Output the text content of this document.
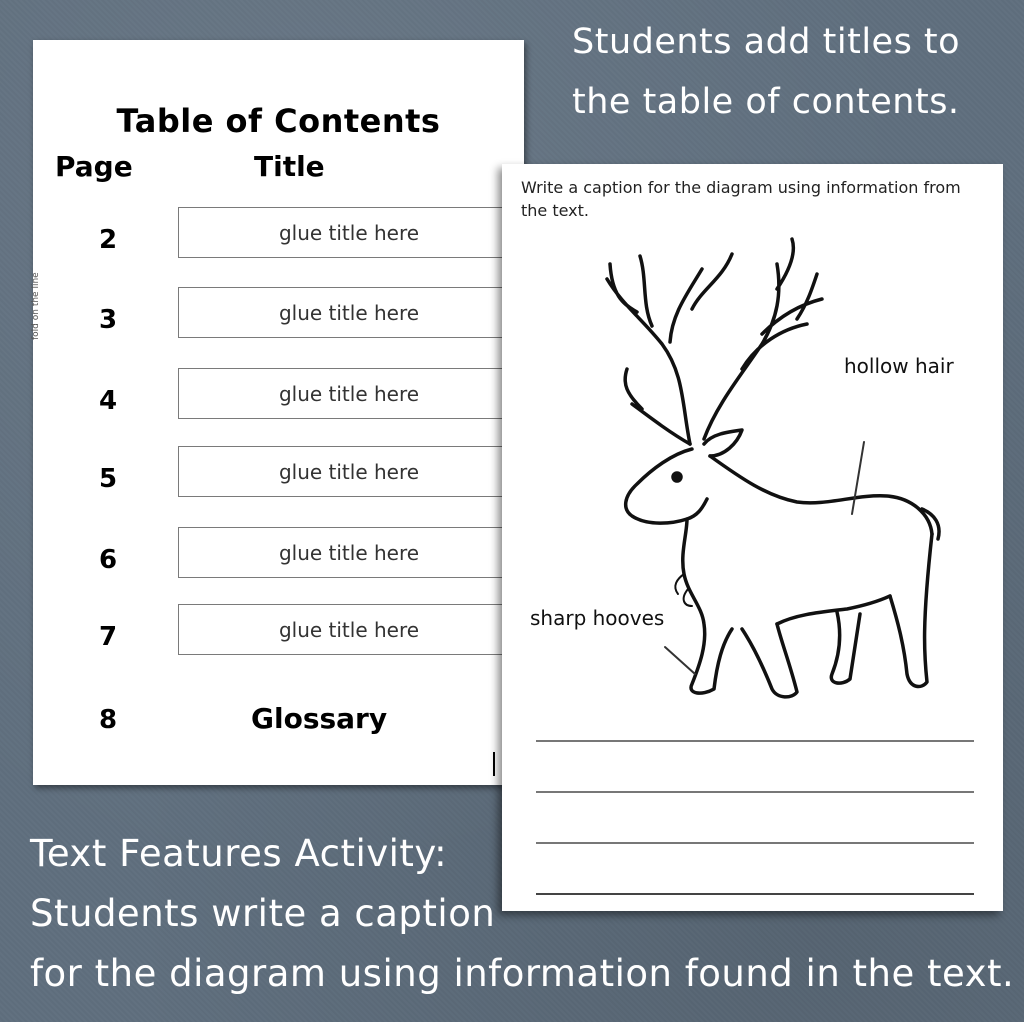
Students add titles to
the table of contents.
Table of Contents
Page	Title
fold on the line
2	glue title here
3	glue title here
4	glue title here
5	glue title here
6	glue title here
7	glue title here
8	Glossary
Write a caption for the diagram using information from the text.
hollow hair
sharp hooves
Text Features Activity:
Students write a caption
for the diagram using information found in the text.
